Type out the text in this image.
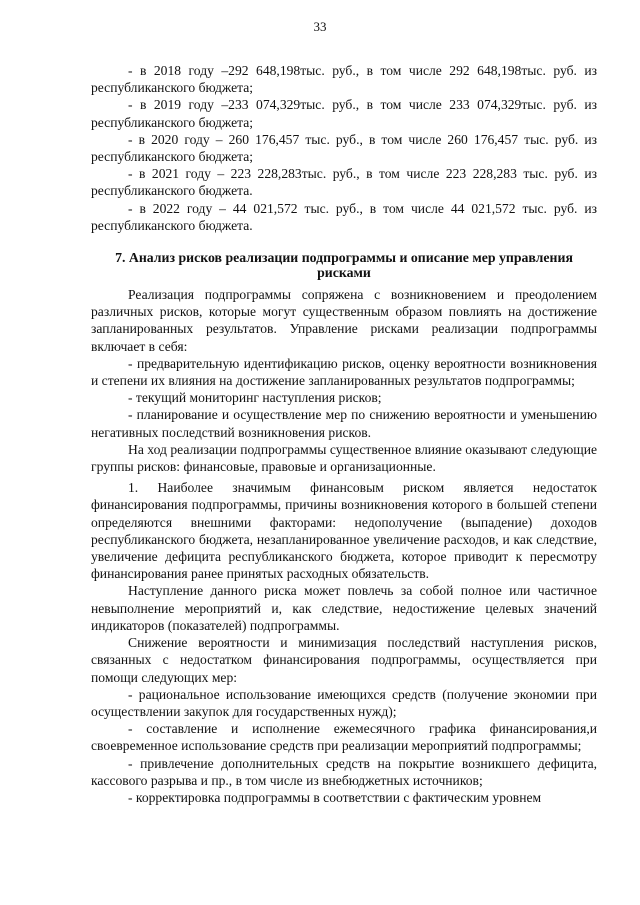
33

- в 2018 году –292 648,198тыс. руб., в том числе 292 648,198тыс. руб. из республиканского бюджета;

- в 2019 году –233 074,329тыс. руб., в том числе 233 074,329тыс. руб. из республиканского бюджета;

- в 2020 году – 260 176,457 тыс. руб., в том числе 260 176,457 тыс. руб. из республиканского бюджета;

- в 2021 году – 223 228,283тыс. руб., в том числе 223 228,283 тыс. руб. из республиканского бюджета.

- в 2022 году – 44 021,572 тыс. руб., в том числе 44 021,572 тыс. руб. из республиканского бюджета.

7. Анализ рисков реализации подпрограммы и описание мер управления рисками

Реализация подпрограммы сопряжена с возникновением и преодолением различных рисков, которые могут существенным образом повлиять на достижение запланированных результатов. Управление рисками реализации подпрограммы включает в себя:

- предварительную идентификацию рисков, оценку вероятности возникновения и степени их влияния на достижение запланированных результатов подпрограммы;

- текущий мониторинг наступления рисков;

- планирование и осуществление мер по снижению вероятности и уменьшению негативных последствий возникновения рисков.

На ход реализации подпрограммы существенное влияние оказывают следующие группы рисков: финансовые, правовые и организационные.

1. Наиболее значимым финансовым риском является недостаток финансирования подпрограммы, причины возникновения которого в большей степени определяются внешними факторами: недополучение (выпадение) доходов республиканского бюджета, незапланированное увеличение расходов, и как следствие, увеличение дефицита республиканского бюджета, которое приводит к пересмотру финансирования ранее принятых расходных обязательств.

Наступление данного риска может повлечь за собой полное или частичное невыполнение мероприятий и, как следствие, недостижение целевых значений индикаторов (показателей) подпрограммы.

Снижение вероятности и минимизация последствий наступления рисков, связанных с недостатком финансирования подпрограммы, осуществляется при помощи следующих мер:

- рациональное использование имеющихся средств (получение экономии при осуществлении закупок для государственных нужд);

- составление и исполнение ежемесячного графика финансирования,и своевременное использование средств при реализации мероприятий подпрограммы;

- привлечение дополнительных средств на покрытие возникшего дефицита, кассового разрыва и пр., в том числе из внебюджетных источников;

- корректировка подпрограммы в соответствии с фактическим уровнем
